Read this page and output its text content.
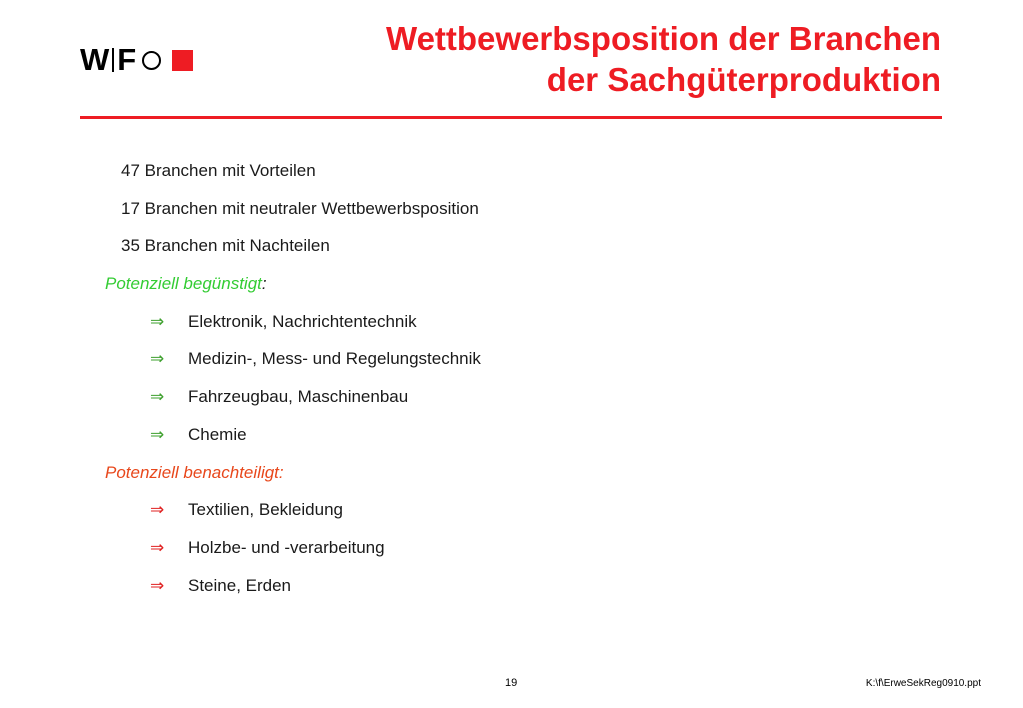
W F
Wettbewerbsposition der Branchen
der Sachgüterproduktion
47 Branchen mit Vorteilen
17 Branchen mit neutraler Wettbewerbsposition
35 Branchen mit Nachteilen
Potenziell begünstigt:
⇒	Elektronik, Nachrichtentechnik
⇒	Medizin-, Mess- und Regelungstechnik
⇒	Fahrzeugbau, Maschinenbau
⇒	Chemie
Potenziell benachteiligt:
⇒	Textilien, Bekleidung
⇒	Holzbe- und -verarbeitung
⇒	Steine, Erden
19	K:\f\ErweSekReg0910.ppt
